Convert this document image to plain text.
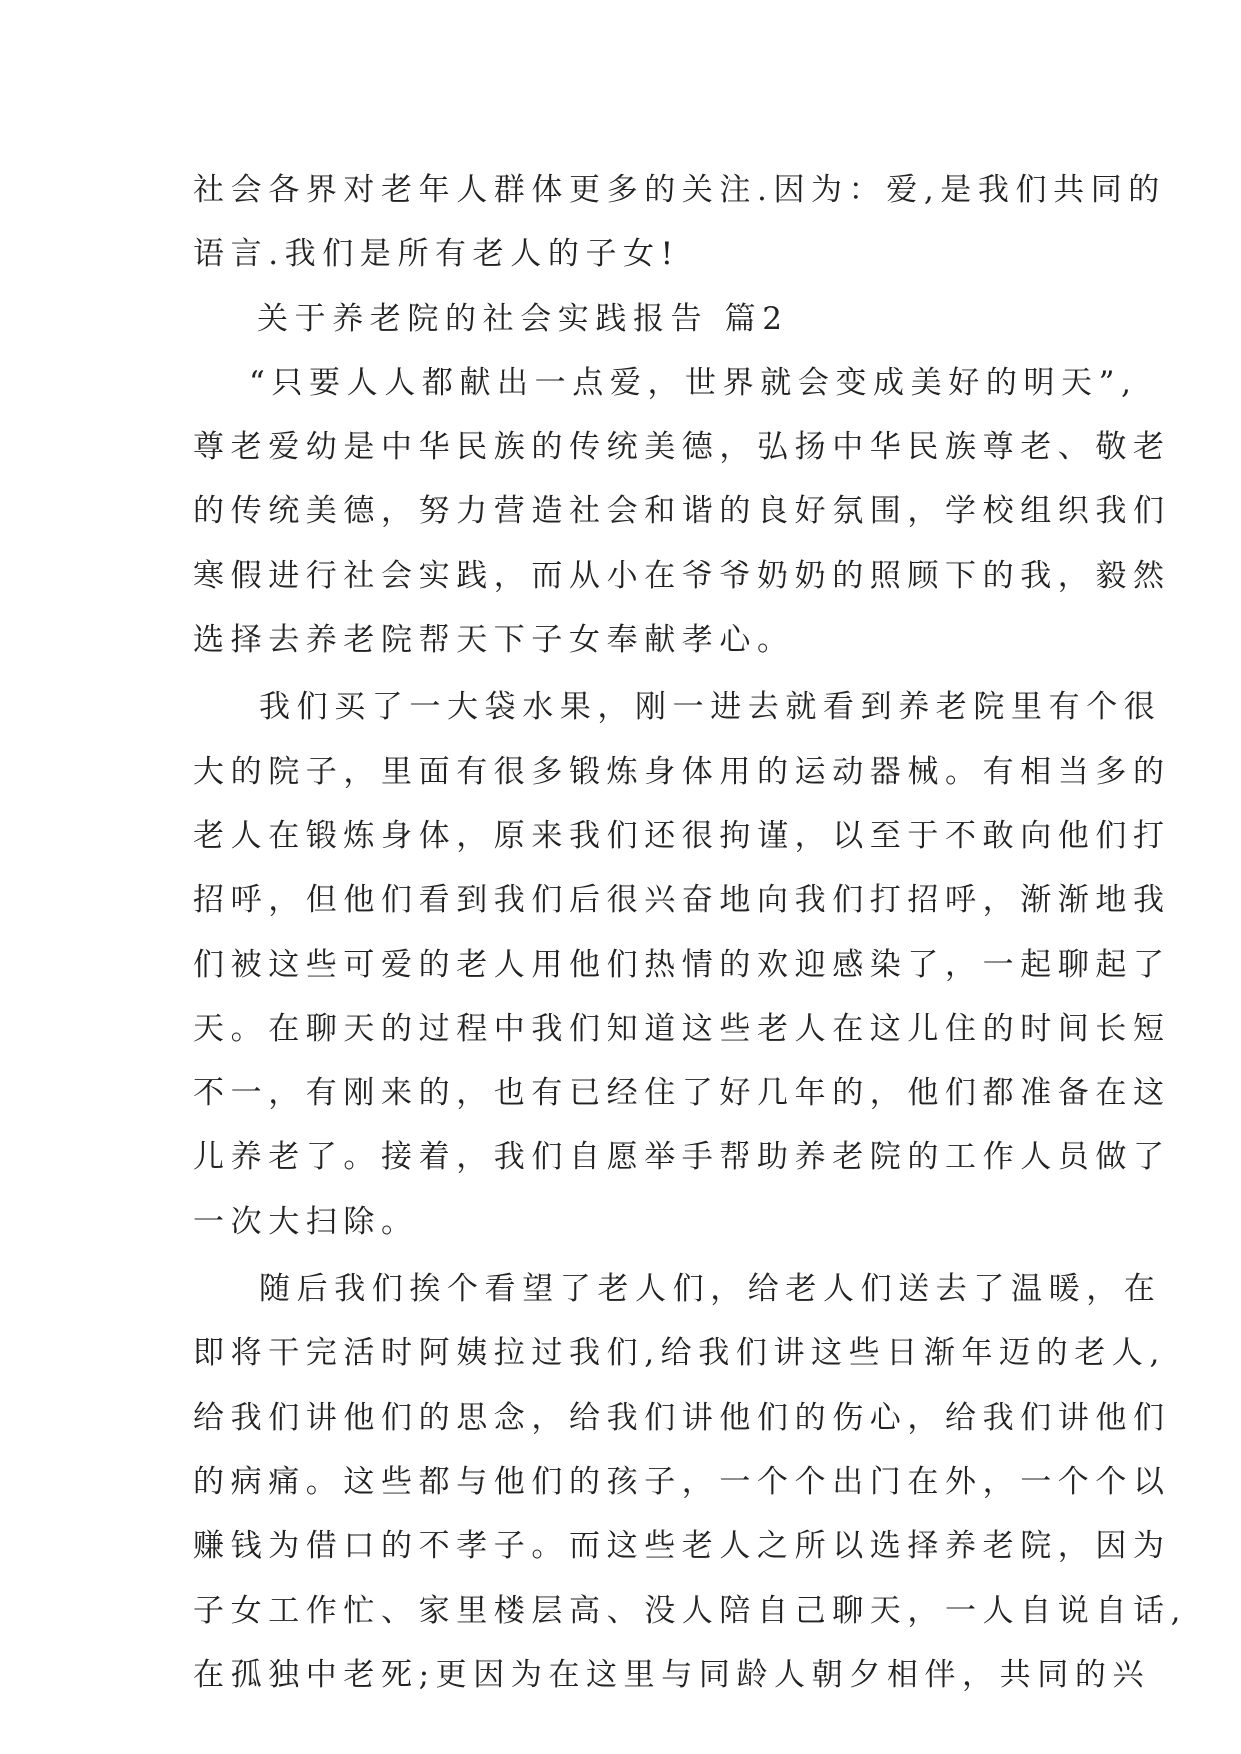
社会各界对老年人群体更多的关注.因为：爱,是我们共同的
语言.我们是所有老人的子女!
关于养老院的社会实践报告 篇2
“只要人人都献出一点爱，世界就会变成美好的明天”,
尊老爱幼是中华民族的传统美德，弘扬中华民族尊老、敬老
的传统美德，努力营造社会和谐的良好氛围，学校组织我们
寒假进行社会实践，而从小在爷爷奶奶的照顾下的我，毅然
选择去养老院帮天下子女奉献孝心。
我们买了一大袋水果，刚一进去就看到养老院里有个很
大的院子，里面有很多锻炼身体用的运动器械。有相当多的
老人在锻炼身体，原来我们还很拘谨，以至于不敢向他们打
招呼，但他们看到我们后很兴奋地向我们打招呼，渐渐地我
们被这些可爱的老人用他们热情的欢迎感染了，一起聊起了
天。在聊天的过程中我们知道这些老人在这儿住的时间长短
不一，有刚来的，也有已经住了好几年的，他们都准备在这
儿养老了。接着，我们自愿举手帮助养老院的工作人员做了
一次大扫除。
随后我们挨个看望了老人们，给老人们送去了温暖，在
即将干完活时阿姨拉过我们,给我们讲这些日渐年迈的老人,
给我们讲他们的思念，给我们讲他们的伤心，给我们讲他们
的病痛。这些都与他们的孩子，一个个出门在外，一个个以
赚钱为借口的不孝子。而这些老人之所以选择养老院，因为
子女工作忙、家里楼层高、没人陪自己聊天，一人自说自话,
在孤独中老死;更因为在这里与同龄人朝夕相伴，共同的兴
